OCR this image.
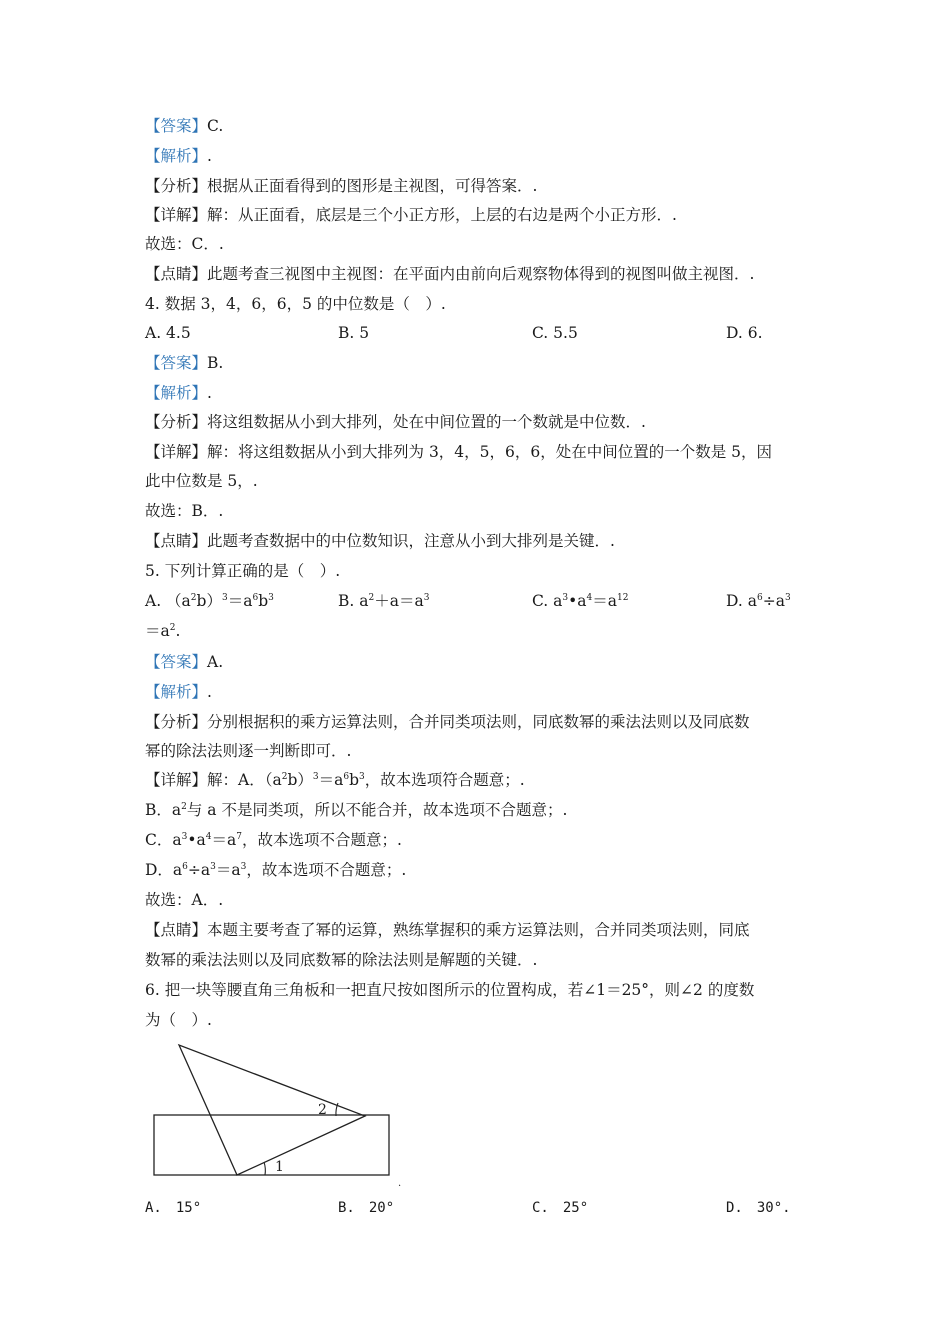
【答案】C.
【解析】.
【分析】根据从正面看得到的图形是主视图，可得答案．.
【详解】解：从正面看，底层是三个小正方形，上层的右边是两个小正方形．.
故选：C．.
【点睛】此题考查三视图中主视图：在平面内由前向后观察物体得到的视图叫做主视图．.
4. 数据 3，4，6，6，5 的中位数是（　）.
A. 4.5	B. 5	C. 5.5	D. 6.
【答案】B.
【解析】.
【分析】将这组数据从小到大排列，处在中间位置的一个数就是中位数．.
【详解】解：将这组数据从小到大排列为 3，4，5，6，6，处在中间位置的一个数是 5，因
此中位数是 5，.
故选：B．.
【点睛】此题考查数据中的中位数知识，注意从小到大排列是关键．.
5. 下列计算正确的是（　）.
A. $(a^2b)^3=a^6b^3$	B. $a^2+a=a^3$	C. $a^3•a^4=a^{12}$	D. $a^6\div a^3$
$=a^2$.
【答案】A.
【解析】.
【分析】分别根据积的乘方运算法则，合并同类项法则，同底数幂的乘法法则以及同底数
幂的除法法则逐一判断即可．.
【详解】解：A．$(a^2b)^3=a^6b^3$，故本选项符合题意；.
B．$a^2$与 a 不是同类项，所以不能合并，故本选项不合题意；.
C．$a^3•a^4=a^7$，故本选项不合题意；.
D．$a^6\div a^3=a^3$，故本选项不合题意；.
故选：A．.
【点睛】本题主要考查了幂的运算，熟练掌握积的乘方运算法则，合并同类项法则，同底
数幂的乘法法则以及同底数幂的除法法则是解题的关键．.
6. 把一块等腰直角三角板和一把直尺按如图所示的位置构成，若∠1＝25°，则∠2 的度数
为（　）.
1
2
.
A.　15°	B.　20°	C.　25°	D.　30°.
